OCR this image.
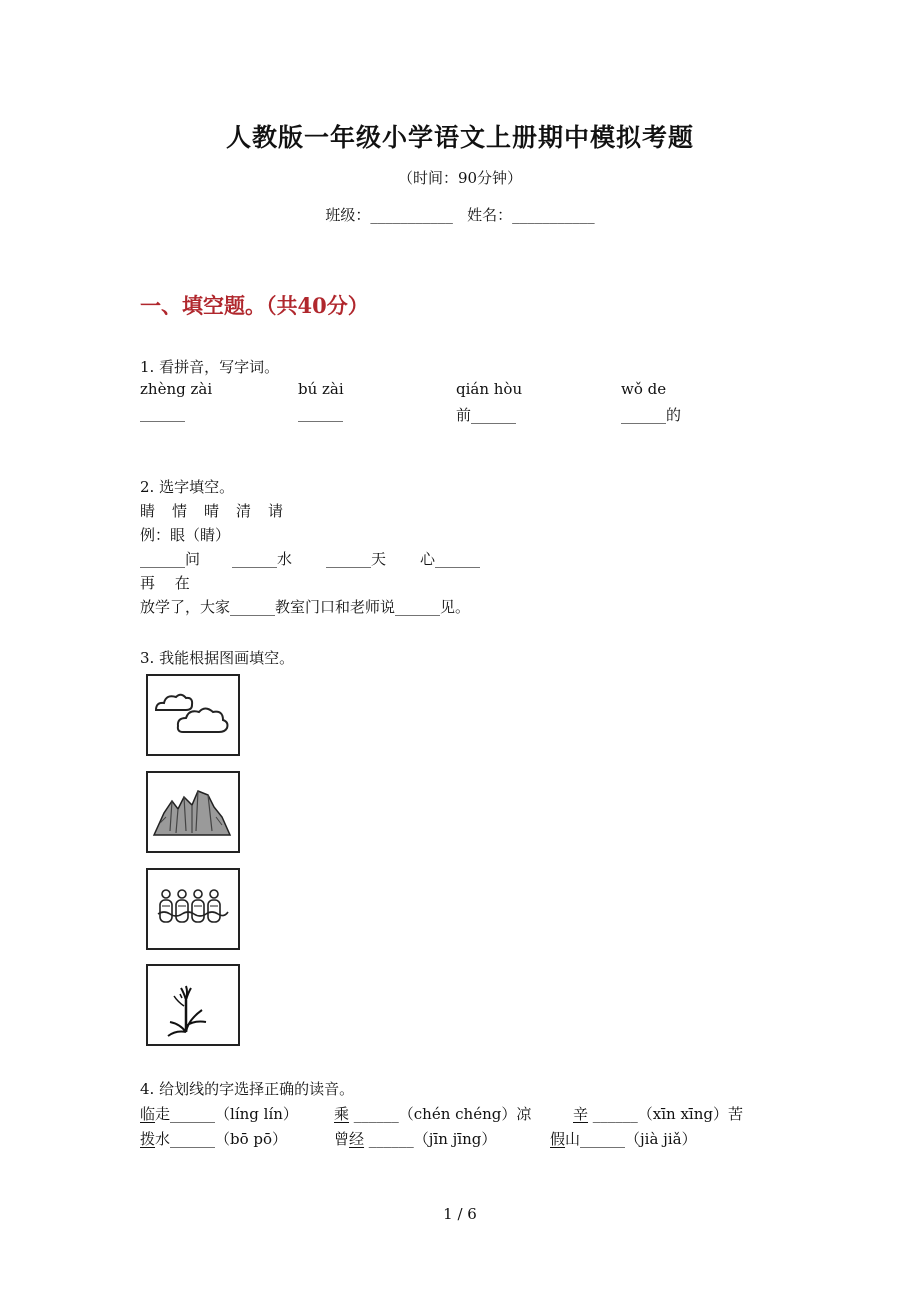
人教版一年级小学语文上册期中模拟考题
（时间：90分钟）
班级：___________ 姓名：___________
一、填空题。（共40分）
1. 看拼音，写字词。
zhèng zài	bú zài	qián hòu	wǒ de
______	______	前______	______的
2. 选字填空。
睛　情　晴　清　请
例：眼（睛）
______问 ______水 ______天 心______
再　 在
放学了，大家______教室门口和老师说______见。
3. 我能根据图画填空。
4. 给划线的字选择正确的读音。
临走______（líng lín） 乘 ______（chén chéng）凉	辛 ______（xīn xīng）苦
拨水______（bō pō）	曾经 ______（jīn jīng）	假山______（jià jiǎ）
1 / 6
